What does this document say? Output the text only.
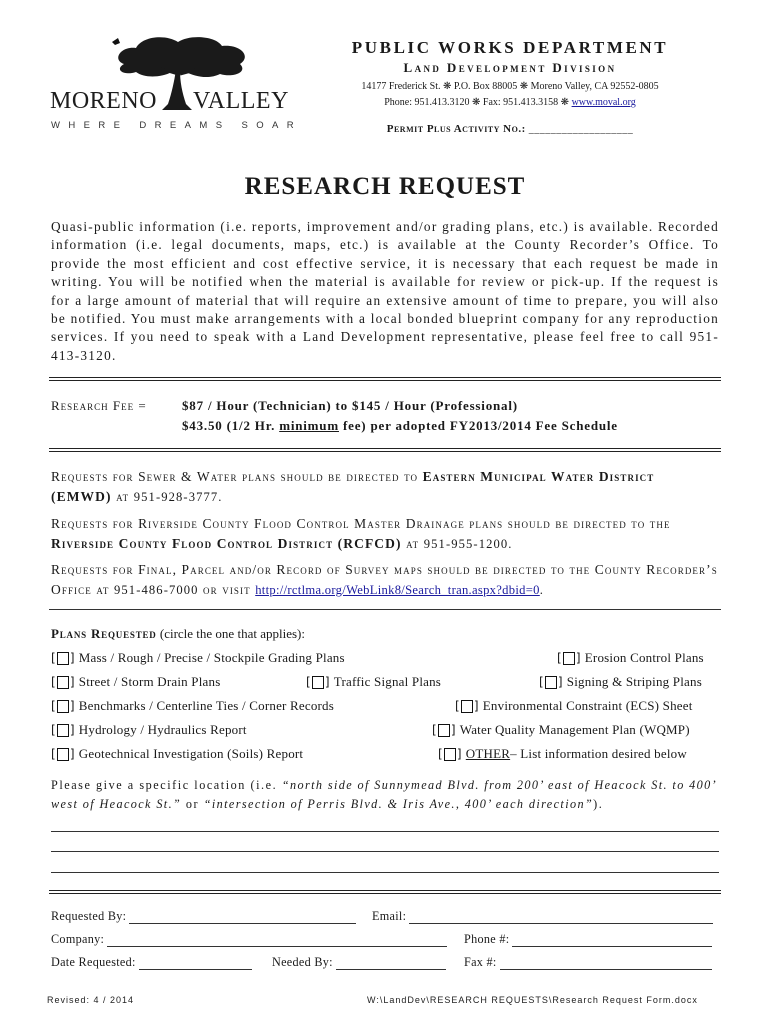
MORENO VALLEY
WHERE DREAMS SOAR
PUBLIC WORKS DEPARTMENT
Land Development Division
14177 Frederick St. ❋ P.O. Box 88005 ❋ Moreno Valley, CA 92552-0805
Phone: 951.413.3120 ❋ Fax: 951.413.3158 ❋ www.moval.org
Permit Plus Activity No.: ___________________
RESEARCH REQUEST
Quasi-public information (i.e. reports, improvement and/or grading plans, etc.) is available. Recorded information (i.e. legal documents, maps, etc.) is available at the County Recorder’s Office. To provide the most efficient and cost effective service, it is necessary that each request be made in writing. You will be notified when the material is available for review or pick-up. If the request is for a large amount of material that will require an extensive amount of time to prepare, you will also be notified. You must make arrangements with a local bonded blueprint company for any reproduction services. If you need to speak with a Land Development representative, please feel free to call 951-413-3120.
Research Fee =	$87 / Hour (Technician) to $145 / Hour (Professional)
$43.50 (1/2 Hr. minimum fee) per adopted FY2013/2014 Fee Schedule
Requests for Sewer & Water plans should be directed to Eastern Municipal Water District (EMWD) at 951-928-3777.
Requests for Riverside County Flood Control Master Drainage plans should be directed to the Riverside County Flood Control District (RCFCD) at 951-955-1200.
Requests for Final, Parcel and/or Record of Survey maps should be directed to the County Recorder’s Office at 951-486-7000 or visit http://rctlma.org/WebLink8/Search_tran.aspx?dbid=0.
Plans Requested (circle the one that applies):
[ ] Mass / Rough / Precise / Stockpile Grading Plans	[ ] Erosion Control Plans
[ ] Street / Storm Drain Plans	[ ] Traffic Signal Plans	[ ] Signing & Striping Plans
[ ] Benchmarks / Centerline Ties / Corner Records	[ ] Environmental Constraint (ECS) Sheet
[ ] Hydrology / Hydraulics Report	[ ] Water Quality Management Plan (WQMP)
[ ] Geotechnical Investigation (Soils) Report	[ ] OTHER – List information desired below
Please give a specific location (i.e. “north side of Sunnymead Blvd. from 200’ east of Heacock St. to 400’ west of Heacock St.” or “intersection of Perris Blvd. & Iris Ave., 400’ each direction”).
Requested By:	Email:
Company:	Phone #:
Date Requested:	Needed By:	Fax #:
Revised: 4 / 2014	W:\LandDev\RESEARCH REQUESTS\Research Request Form.docx
